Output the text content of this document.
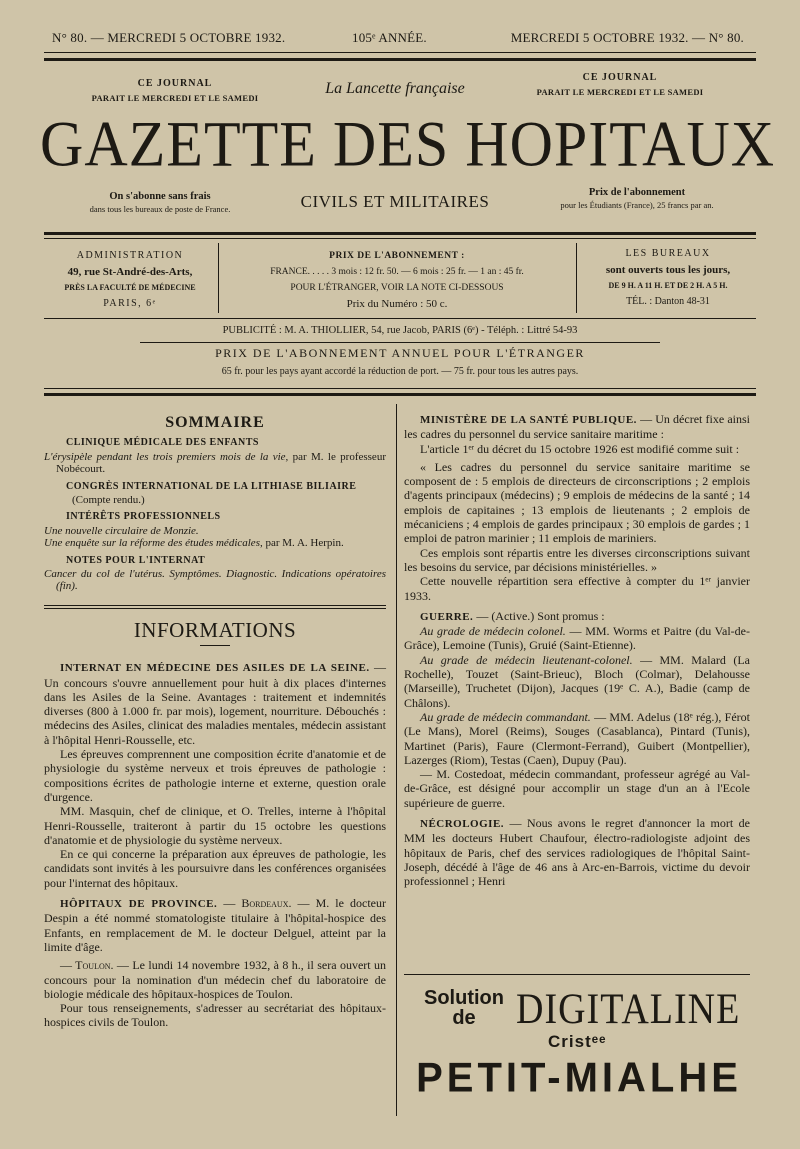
N° 80. — MERCREDI 5 OCTOBRE 1932.	105ᵉ ANNÉE.	MERCREDI 5 OCTOBRE 1932. — N° 80.
CE JOURNAL
PARAIT LE MERCREDI ET LE SAMEDI
CE JOURNAL
PARAIT LE MERCREDI ET LE SAMEDI
La Lancette française
GAZETTE DES HOPITAUX
CIVILS ET MILITAIRES
On s'abonne sans frais
dans tous les bureaux de poste de France.
Prix de l'abonnement
pour les Étudiants (France), 25 francs par an.
ADMINISTRATION
49, rue St-André-des-Arts,
PRÈS LA FACULTÉ DE MÉDECINE
PARIS, 6ᵉ
PRIX DE L'ABONNEMENT :
FRANCE. . . . . 3 mois : 12 fr. 50. — 6 mois : 25 fr. — 1 an : 45 fr.
POUR L'ÉTRANGER, VOIR LA NOTE CI-DESSOUS
Prix du Numéro : 50 c.
LES BUREAUX
sont ouverts tous les jours,
DE 9 H. A 11 H. ET DE 2 H. A 5 H.
TÉL. : Danton 48-31
PUBLICITÉ : M. A. THIOLLIER, 54, rue Jacob, PARIS (6ᵉ) - Téléph. : Littré 54-93
PRIX DE L'ABONNEMENT ANNUEL POUR L'ÉTRANGER
65 fr. pour les pays ayant accordé la réduction de port. — 75 fr. pour tous les autres pays.
SOMMAIRE
CLINIQUE MÉDICALE DES ENFANTS
L'érysipèle pendant les trois premiers mois de la vie, par M. le professeur Nobécourt.
CONGRÈS INTERNATIONAL DE LA LITHIASE BILIAIRE
(Compte rendu.)
INTÉRÊTS PROFESSIONNELS
Une nouvelle circulaire de Monzie.
Une enquête sur la réforme des études médicales, par M. A. Herpin.
NOTES POUR L'INTERNAT
Cancer du col de l'utérus. Symptômes. Diagnostic. Indications opératoires (fin).
INFORMATIONS

INTERNAT EN MÉDECINE DES ASILES DE LA SEINE. — Un concours s'ouvre annuellement pour huit à dix places d'internes dans les Asiles de la Seine. Avantages : traitement et indemnités diverses (800 à 1.000 fr. par mois), logement, nourriture. Débouchés : médecins des Asiles, clinicat des maladies mentales, médecin assistant à l'hôpital Henri-Rousselle, etc.

Les épreuves comprennent une composition écrite d'anatomie et de physiologie du système nerveux et trois épreuves de pathologie : compositions écrites de pathologie interne et externe, question orale d'urgence.

MM. Masquin, chef de clinique, et O. Trelles, interne à l'hôpital Henri-Rousselle, traiteront à partir du 15 octobre les questions d'anatomie et de physiologie du système nerveux.

En ce qui concerne la préparation aux épreuves de pathologie, les candidats sont invités à les poursuivre dans les conférences organisées pour l'internat des hôpitaux.

HÔPITAUX DE PROVINCE. — Bordeaux. — M. le docteur Despin a été nommé stomatologiste titulaire à l'hôpital-hospice des Enfants, en remplacement de M. le docteur Delguel, atteint par la limite d'âge.

— Toulon. — Le lundi 14 novembre 1932, à 8 h., il sera ouvert un concours pour la nomination d'un médecin chef du laboratoire de biologie médicale des hôpitaux-hospices de Toulon.

Pour tous renseignements, s'adresser au secrétariat des hôpitaux-hospices civils de Toulon.

MINISTÈRE DE LA SANTÉ PUBLIQUE. — Un décret fixe ainsi les cadres du personnel du service sanitaire maritime :

L'article 1ᵉʳ du décret du 15 octobre 1926 est modifié comme suit :

« Les cadres du personnel du service sanitaire maritime se composent de : 5 emplois de directeurs de circonscriptions ; 2 emplois d'agents principaux (médecins) ; 9 emplois de médecins de la santé ; 14 emplois de capitaines ; 13 emplois de lieutenants ; 2 emplois de mécaniciens ; 4 emplois de gardes principaux ; 30 emplois de gardes ; 1 emploi de patron marinier ; 11 emplois de mariniers.

Ces emplois sont répartis entre les diverses circonscriptions suivant les besoins du service, par décisions ministérielles. »

Cette nouvelle répartition sera effective à compter du 1ᵉʳ janvier 1933.

GUERRE. — (Active.) Sont promus :

Au grade de médecin colonel. — MM. Worms et Paitre (du Val-de-Grâce), Lemoine (Tunis), Gruié (Saint-Etienne).

Au grade de médecin lieutenant-colonel. — MM. Malard (La Rochelle), Touzet (Saint-Brieuc), Bloch (Colmar), Delahousse (Marseille), Truchetet (Dijon), Jacques (19ᵉ C. A.), Badie (camp de Châlons).

Au grade de médecin commandant. — MM. Adelus (18ᵉ rég.), Férot (Le Mans), Morel (Reims), Souges (Casablanca), Pintard (Tunis), Martinet (Paris), Faure (Clermont-Ferrand), Guibert (Montpellier), Lazerges (Riom), Testas (Caen), Dupuy (Pau).

— M. Costedoat, médecin commandant, professeur agrégé au Val-de-Grâce, est désigné pour accomplir un stage d'un an à l'Ecole supérieure de guerre.

NÉCROLOGIE. — Nous avons le regret d'annoncer la mort de MM les docteurs Hubert Chaufour, électro-radiologiste adjoint des hôpitaux de Paris, chef des services radiologiques de l'hôpital Saint-Joseph, décédé à l'âge de 46 ans à Arc-en-Barrois, victime du devoir professionnel ; Henri

Solution
de	DIGITALINE
Cristᵉᵉ
PETIT-MIALHE
